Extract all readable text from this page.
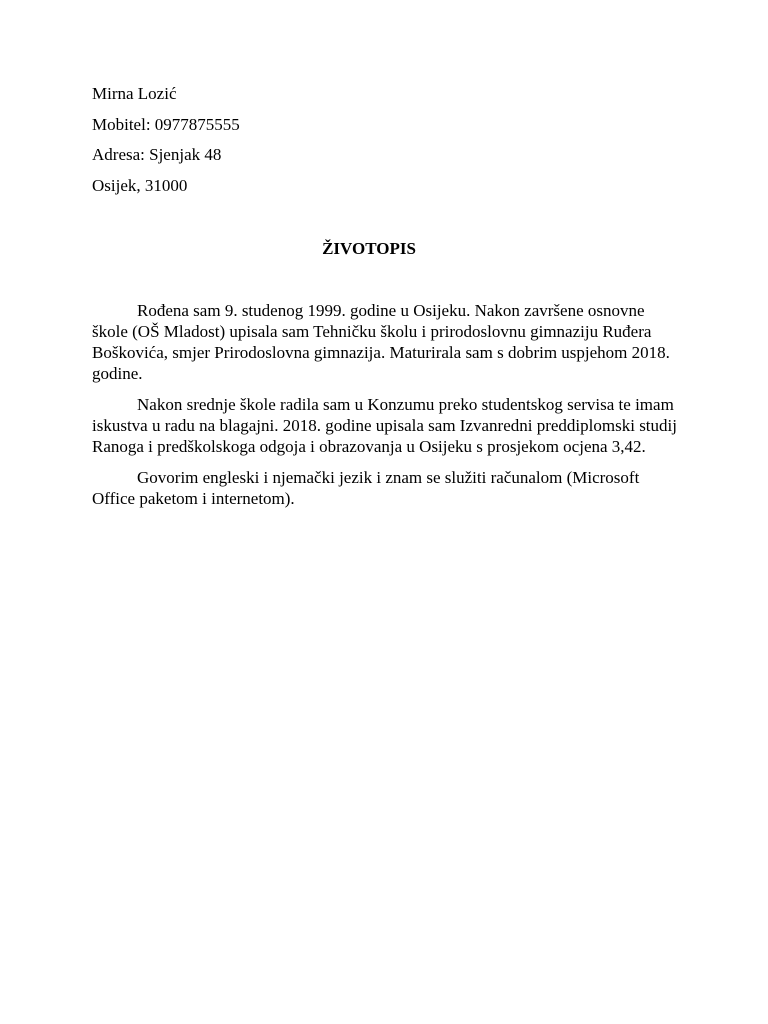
Mirna Lozić

Mobitel: 0977875555

Adresa: Sjenjak 48

Osijek, 31000

ŽIVOTOPIS

Rođena sam 9. studenog 1999. godine u Osijeku. Nakon završene osnovne škole (OŠ Mladost) upisala sam Tehničku školu i prirodoslovnu gimnaziju Ruđera Boškovića, smjer Prirodoslovna gimnazija. Maturirala sam s dobrim uspjehom 2018. godine.

Nakon srednje škole radila sam u Konzumu preko studentskog servisa te imam iskustva u radu na blagajni. 2018. godine upisala sam Izvanredni preddiplomski studij Ranoga i predškolskoga odgoja i obrazovanja u Osijeku s prosjekom ocjena 3,42.

Govorim engleski i njemački jezik i znam se služiti računalom (Microsoft Office paketom i internetom).
